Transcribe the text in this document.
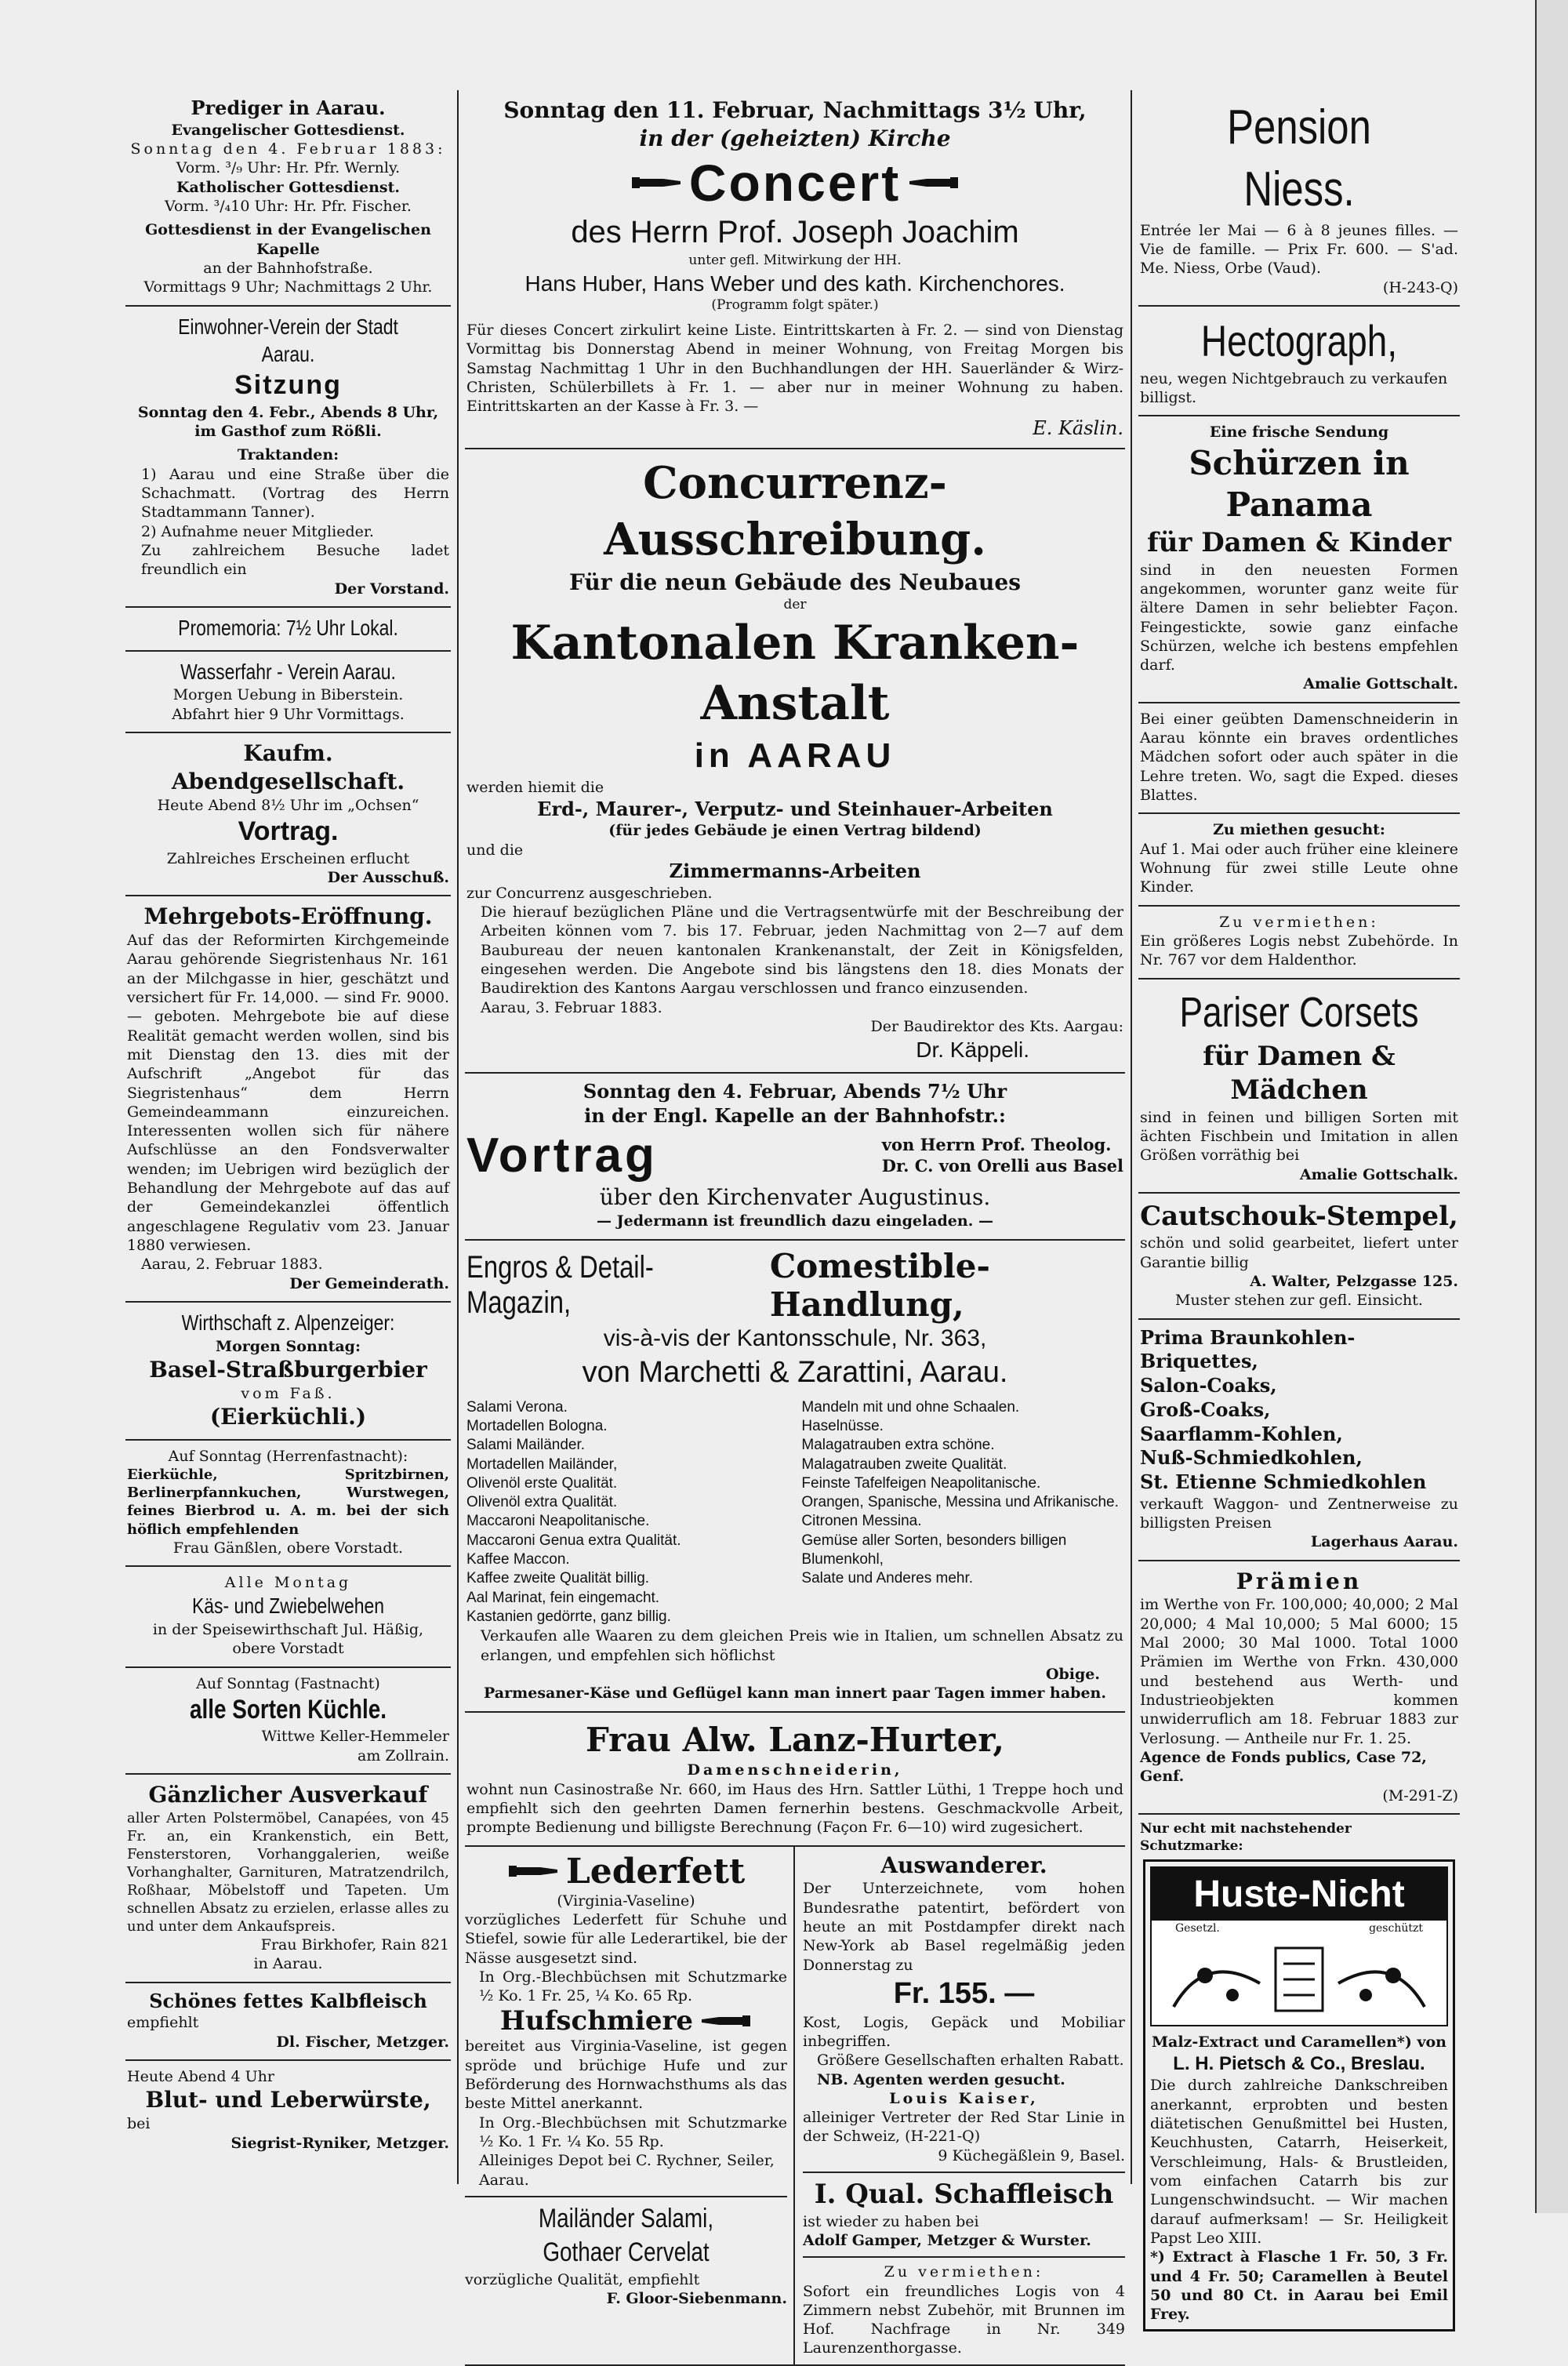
Prediger in Aarau.

Evangelischer Gottesdienst.

Sonntag den 4. Februar 1883:

Vorm. ³/₉ Uhr: Hr. Pfr. Wernly.

Katholischer Gottesdienst.

Vorm. ³/₄10 Uhr: Hr. Pfr. Fischer.

Gottesdienst in der Evangelischen Kapelle

an der Bahnhofstraße.

Vormittags 9 Uhr; Nachmittags 2 Uhr.

Einwohner-Verein der Stadt Aarau.

Sitzung

Sonntag den 4. Febr., Abends 8 Uhr,

im Gasthof zum Rößli.

Traktanden:

1) Aarau und eine Straße über die Schachmatt. (Vortrag des Herrn Stadtammann Tanner).

2) Aufnahme neuer Mitglieder.

Zu zahlreichem Besuche ladet freundlich ein

Der Vorstand.

Promemoria: 7½ Uhr Lokal.

Wasserfahr - Verein Aarau.

Morgen Uebung in Biberstein.

Abfahrt hier 9 Uhr Vormittags.

Kaufm. Abendgesellschaft.

Heute Abend 8½ Uhr im „Ochsen“

Vortrag.

Zahlreiches Erscheinen erflucht

Der Ausschuß.

Mehrgebots-Eröffnung.

Auf das der Reformirten Kirchgemeinde Aarau gehörende Siegristenhaus Nr. 161 an der Milchgasse in hier, geschätzt und versichert für Fr. 14,000. — sind Fr. 9000. — geboten. Mehrgebote bie auf diese Realität gemacht werden wollen, sind bis mit Dienstag den 13. dies mit der Aufschrift „Angebot für das Siegristenhaus“ dem Herrn Gemeindeammann einzureichen. Interessenten wollen sich für nähere Aufschlüsse an den Fondsverwalter wenden; im Uebrigen wird bezüglich der Behandlung der Mehrgebote auf das auf der Gemeindekanzlei öffentlich angeschlagene Regulativ vom 23. Januar 1880 verwiesen.

Aarau, 2. Februar 1883.

Der Gemeinderath.

Wirthschaft z. Alpenzeiger:

Morgen Sonntag:

Basel-Straßburgerbier

vom Faß.

(Eierküchli.)

Auf Sonntag (Herrenfastnacht):

Eierküchle, Spritzbirnen, Berlinerpfannkuchen, Wurstwegen, feines Bierbrod u. A. m. bei der sich höflich empfehlenden

Frau Gänßlen, obere Vorstadt.

Alle Montag

Käs- und Zwiebelwehen

in der Speisewirthschaft Jul. Häßig,

obere Vorstadt

Auf Sonntag (Fastnacht)

alle Sorten Küchle.

Wittwe Keller-Hemmeler

am Zollrain.

Gänzlicher Ausverkauf

aller Arten Polstermöbel, Canapées, von 45 Fr. an, ein Krankenstich, ein Bett, Fensterstoren, Vorhanggalerien, weiße Vorhanghalter, Garnituren, Matratzendrilch, Roßhaar, Möbelstoff und Tapeten. Um schnellen Absatz zu erzielen, erlasse alles zu und unter dem Ankaufspreis.

Frau Birkhofer, Rain 821

in Aarau.

Schönes fettes Kalbfleisch

empfiehlt

Dl. Fischer, Metzger.

Heute Abend 4 Uhr

Blut- und Leberwürste,

bei

Siegrist-Ryniker, Metzger.

Sonntag den 11. Februar, Nachmittags 3½ Uhr,

in der (geheizten) Kirche

Concert

des Herrn Prof. Joseph Joachim

unter gefl. Mitwirkung der HH.

Hans Huber, Hans Weber und des kath. Kirchenchores.

(Programm folgt später.)

Für dieses Concert zirkulirt keine Liste. Eintrittskarten à Fr. 2. — sind von Dienstag Vormittag bis Donnerstag Abend in meiner Wohnung, von Freitag Morgen bis Samstag Nachmittag 1 Uhr in den Buchhandlungen der HH. Sauerländer & Wirz-Christen, Schülerbillets à Fr. 1. — aber nur in meiner Wohnung zu haben. Eintrittskarten an der Kasse à Fr. 3. —

E. Käslin.

Concurrenz-Ausschreibung.

Für die neun Gebäude des Neubaues

der

Kantonalen Kranken-Anstalt

in AARAU

werden hiemit die

Erd-, Maurer-, Verputz- und Steinhauer-Arbeiten

(für jedes Gebäude je einen Vertrag bildend)

und die

Zimmermanns-Arbeiten

zur Concurrenz ausgeschrieben.

Die hierauf bezüglichen Pläne und die Vertragsentwürfe mit der Beschreibung der Arbeiten können vom 7. bis 17. Februar, jeden Nachmittag von 2—7 auf dem Baubureau der neuen kantonalen Krankenanstalt, der Zeit in Königsfelden, eingesehen werden. Die Angebote sind bis längstens den 18. dies Monats der Baudirektion des Kantons Aargau verschlossen und franco einzusenden.

Aarau, 3. Februar 1883.

Der Baudirektor des Kts. Aargau:

Dr. Käppeli.

Sonntag den 4. Februar, Abends 7½ Uhr

in der Engl. Kapelle an der Bahnhofstr.:

Vortrag	von Herrn Prof. Theolog.
Dr. C. von Orelli aus Basel

über den Kirchenvater Augustinus.

— Jedermann ist freundlich dazu eingeladen. —

Engros & Detail-Magazin,
Comestible-Handlung,

vis-à-vis der Kantonsschule, Nr. 363,

von Marchetti & Zarattini, Aarau.

Salami Verona.

Mortadellen Bologna.

Salami Mailänder.

Mortadellen Mailänder,

Olivenöl erste Qualität.

Olivenöl extra Qualität.

Maccaroni Neapolitanische.

Maccaroni Genua extra Qualität.

Kaffee Maccon.

Kaffee zweite Qualität billig.

Aal Marinat, fein eingemacht.

Kastanien gedörrte, ganz billig.

Mandeln mit und ohne Schaalen.

Haselnüsse.

Malagatrauben extra schöne.

Malagatrauben zweite Qualität.

Feinste Tafelfeigen Neapolitanische.

Orangen, Spanische, Messina und Afrikanische.

Citronen Messina.

Gemüse aller Sorten, besonders billigen Blumenkohl,

Salate und Anderes mehr.

Verkaufen alle Waaren zu dem gleichen Preis wie in Italien, um schnellen Absatz zu erlangen, und empfehlen sich höflichst

Obige.

Parmesaner-Käse und Geflügel kann man innert paar Tagen immer haben.

Frau Alw. Lanz-Hurter,

Damenschneiderin,

wohnt nun Casinostraße Nr. 660, im Haus des Hrn. Sattler Lüthi, 1 Treppe hoch und empfiehlt sich den geehrten Damen fernerhin bestens. Geschmackvolle Arbeit, prompte Bedienung und billigste Berechnung (Façon Fr. 6—10) wird zugesichert.

Lederfett

(Virginia-Vaseline)

vorzügliches Lederfett für Schuhe und Stiefel, sowie für alle Lederartikel, bie der Nässe ausgesetzt sind.

In Org.-Blechbüchsen mit Schutzmarke ½ Ko. 1 Fr. 25, ¼ Ko. 65 Rp.

Hufschmiere

bereitet aus Virginia-Vaseline, ist gegen spröde und brüchige Hufe und zur Beförderung des Hornwachsthums als das beste Mittel anerkannt.

In Org.-Blechbüchsen mit Schutzmarke ½ Ko. 1 Fr. ¼ Ko. 55 Rp.

Alleiniges Depot bei C. Rychner, Seiler, Aarau.

Mailänder Salami,

Gothaer Cervelat

vorzügliche Qualität, empfiehlt

F. Gloor-Siebenmann.

Auswanderer.

Der Unterzeichnete, vom hohen Bundesrathe patentirt, befördert von heute an mit Postdampfer direkt nach New-York ab Basel regelmäßig jeden Donnerstag zu

Fr. 155. —

Kost, Logis, Gepäck und Mobiliar inbegriffen.

Größere Gesellschaften erhalten Rabatt.

NB. Agenten werden gesucht.

Louis Kaiser,

alleiniger Vertreter der Red Star Linie in der Schweiz, (H-221-Q)

9 Küchegäßlein 9, Basel.

I. Qual. Schaffleisch

ist wieder zu haben bei

Adolf Gamper, Metzger & Wurster.

Zu vermiethen:

Sofort ein freundliches Logis von 4 Zimmern nebst Zubehör, mit Brunnen im Hof. Nachfrage in Nr. 349 Laurenzenthorgasse.

Pension Niess.

Entrée ler Mai — 6 à 8 jeunes filles. — Vie de famille. — Prix Fr. 600. — S'ad. Me. Niess, Orbe (Vaud).

(H-243-Q)

Hectograph,

neu, wegen Nichtgebrauch zu verkaufen billigst.

Eine frische Sendung

Schürzen in Panama

für Damen & Kinder

sind in den neuesten Formen angekommen, worunter ganz weite für ältere Damen in sehr beliebter Façon. Feingestickte, sowie ganz einfache Schürzen, welche ich bestens empfehlen darf.

Amalie Gottschalt.

Bei einer geübten Damenschneiderin in Aarau könnte ein braves ordentliches Mädchen sofort oder auch später in die Lehre treten. Wo, sagt die Exped. dieses Blattes.

Zu miethen gesucht:

Auf 1. Mai oder auch früher eine kleinere Wohnung für zwei stille Leute ohne Kinder.

Zu vermiethen:

Ein größeres Logis nebst Zubehörde. In Nr. 767 vor dem Haldenthor.

Pariser Corsets

für Damen & Mädchen

sind in feinen und billigen Sorten mit ächten Fischbein und Imitation in allen Größen vorräthig bei

Amalie Gottschalk.

Cautschouk-Stempel,

schön und solid gearbeitet, liefert unter Garantie billig

A. Walter, Pelzgasse 125.

Muster stehen zur gefl. Einsicht.

Prima Braunkohlen-Briquettes,

Salon-Coaks,

Groß-Coaks,

Saarflamm-Kohlen,

Nuß-Schmiedkohlen,

St. Etienne Schmiedkohlen

verkauft Waggon- und Zentnerweise zu billigsten Preisen

Lagerhaus Aarau.

Prämien

im Werthe von Fr. 100,000; 40,000; 2 Mal 20,000; 4 Mal 10,000; 5 Mal 6000; 15 Mal 2000; 30 Mal 1000. Total 1000 Prämien im Werthe von Frkn. 430,000 und bestehend aus Werth- und Industrieobjekten kommen unwiderruflich am 18. Februar 1883 zur Verlosung. — Antheile nur Fr. 1. 25.

Agence de Fonds publics, Case 72, Genf.

(M-291-Z)

Nur echt mit nachstehender Schutzmarke:

Huste-Nicht
Gesetzl.	geschützt

Malz-Extract und Caramellen*) von

L. H. Pietsch & Co., Breslau.

Die durch zahlreiche Dankschreiben anerkannt, erprobten und besten diätetischen Genußmittel bei Husten, Keuchhusten, Catarrh, Heiserkeit, Verschleimung, Hals- & Brustleiden, vom einfachen Catarrh bis zur Lungenschwindsucht. — Wir machen darauf aufmerksam! — Sr. Heiligkeit Papst Leo XIII.

*) Extract à Flasche 1 Fr. 50, 3 Fr. und 4 Fr. 50; Caramellen à Beutel 50 und 80 Ct. in Aarau bei Emil Frey.
